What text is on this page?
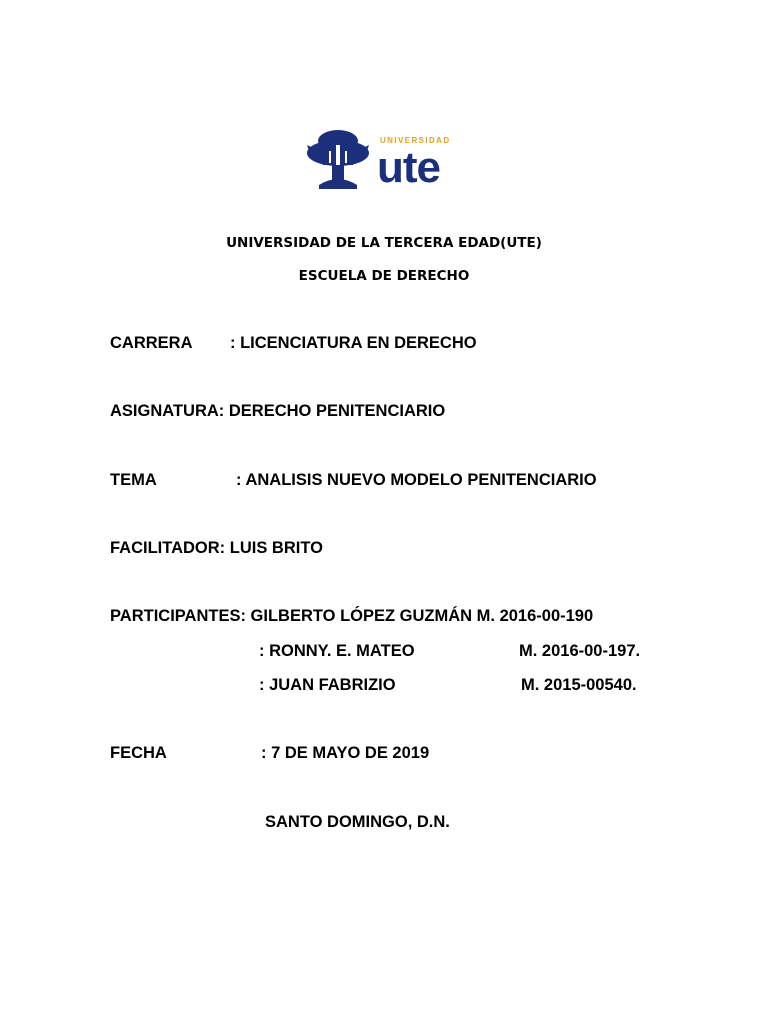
UNIVERSIDAD
ute
UNIVERSIDAD DE LA TERCERA EDAD(UTE)
ESCUELA DE DERECHO
CARRERA : LICENCIATURA EN DERECHO
ASIGNATURA: DERECHO PENITENCIARIO
TEMA	: ANALISIS NUEVO MODELO PENITENCIARIO
FACILITADOR: LUIS BRITO
PARTICIPANTES: GILBERTO LÓPEZ GUZMÁN M. 2016-00-190
: RONNY. E. MATEO	M. 2016-00-197.
: JUAN FABRIZIO	M. 2015-00540.
FECHA	: 7 DE MAYO DE 2019
SANTO DOMINGO, D.N.
